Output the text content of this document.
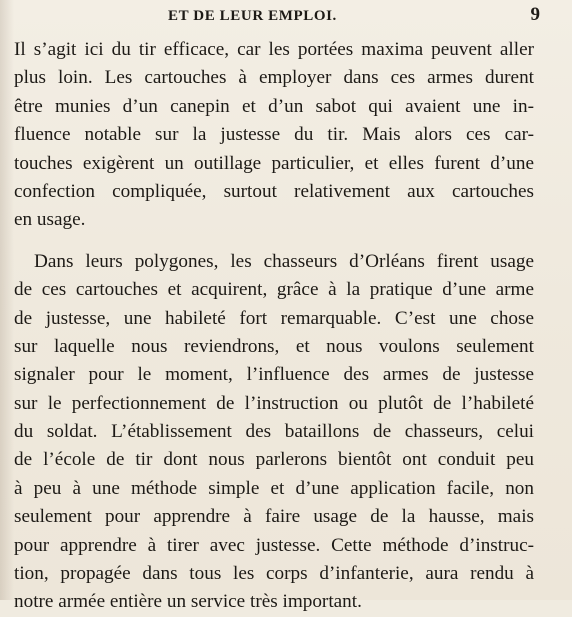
ET DE LEUR EMPLOI.	9
Il s’agit ici du tir efficace, car les portées maxima peuvent aller
plus loin. Les cartouches à employer dans ces armes durent
être munies d’un canepin et d’un sabot qui avaient une in-
fluence notable sur la justesse du tir. Mais alors ces car-
touches exigèrent un outillage particulier, et elles furent d’une
confection compliquée, surtout relativement aux cartouches
en usage.
Dans leurs polygones, les chasseurs d’Orléans firent usage
de ces cartouches et acquirent, grâce à la pratique d’une arme
de justesse, une habileté fort remarquable. C’est une chose
sur laquelle nous reviendrons, et nous voulons seulement
signaler pour le moment, l’influence des armes de justesse
sur le perfectionnement de l’instruction ou plutôt de l’habileté
du soldat. L’établissement des bataillons de chasseurs, celui
de l’école de tir dont nous parlerons bientôt ont conduit peu
à peu à une méthode simple et d’une application facile, non
seulement pour apprendre à faire usage de la hausse, mais
pour apprendre à tirer avec justesse. Cette méthode d’instruc-
tion, propagée dans tous les corps d’infanterie, aura rendu à
notre armée entière un service très important.
